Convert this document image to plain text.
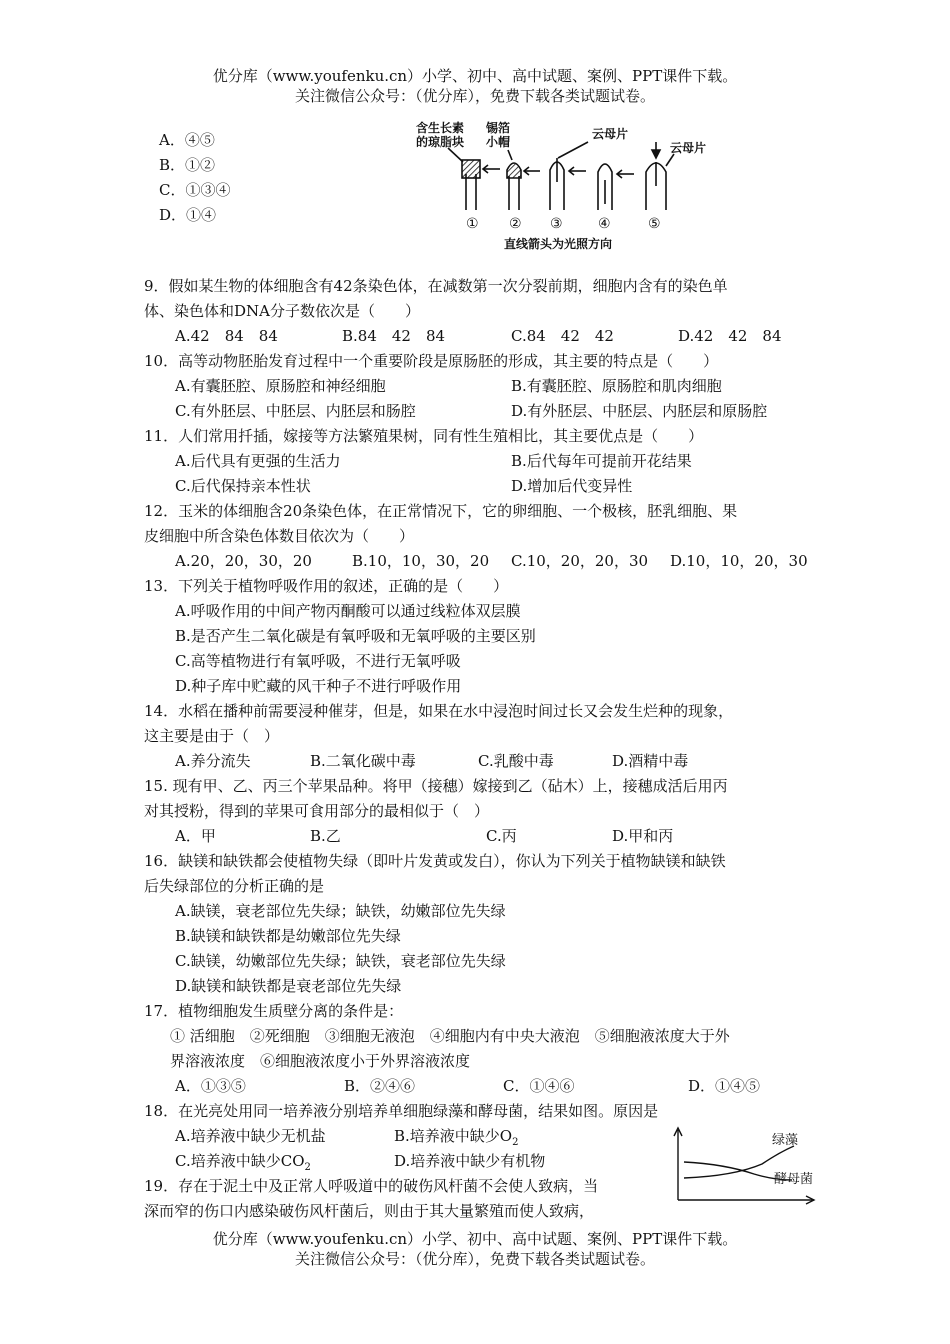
优分库（www.youfenku.cn）小学、初中、高中试题、案例、PPT课件下载。
关注微信公众号：（优分库），免费下载各类试题试卷。
A．④⑤
B．①②
C．①③④
D．①④
含生长素
的琼脂块
锡箔
小帽
云母片
云母片
① ② ③	④	⑤
直线箭头为光照方向
9．假如某生物的体细胞含有42条染色体，在减数第一次分裂前期，细胞内含有的染色单
体、染色体和DNA分子数依次是（　　）
A.42　84　84	B.84　42　84	C.84　42　42	D.42　42　84
10．高等动物胚胎发育过程中一个重要阶段是原肠胚的形成，其主要的特点是（　　）
A.有囊胚腔、原肠腔和神经细胞	B.有囊胚腔、原肠腔和肌肉细胞
C.有外胚层、中胚层、内胚层和肠腔	D.有外胚层、中胚层、内胚层和原肠腔
11．人们常用扦插，嫁接等方法繁殖果树，同有性生殖相比，其主要优点是（　　）
A.后代具有更强的生活力	B.后代每年可提前开花结果
C.后代保持亲本性状	D.增加后代变异性
12．玉米的体细胞含20条染色体，在正常情况下，它的卵细胞、一个极核，胚乳细胞、果
皮细胞中所含染色体数目依次为（　　）
A.20，20，30，20	B.10，10，30，20 C.10，20，20，30 D.10，10，20，30
13．下列关于植物呼吸作用的叙述，正确的是（　　）
A.呼吸作用的中间产物丙酮酸可以通过线粒体双层膜
B.是否产生二氧化碳是有氧呼吸和无氧呼吸的主要区别
C.高等植物进行有氧呼吸，不进行无氧呼吸
D.种子库中贮藏的风干种子不进行呼吸作用
14．水稻在播种前需要浸种催芽，但是，如果在水中浸泡时间过长又会发生烂种的现象，
这主要是由于（　）
A.养分流失	B.二氧化碳中毒	C.乳酸中毒	D.酒精中毒
15. 现有甲、乙、丙三个苹果品种。将甲（接穗）嫁接到乙（砧木）上，接穗成活后用丙
对其授粉，得到的苹果可食用部分的最相似于（　）
A．甲	B.乙	C.丙	D.甲和丙
16．缺镁和缺铁都会使植物失绿（即叶片发黄或发白），你认为下列关于植物缺镁和缺铁
后失绿部位的分析正确的是
A.缺镁，衰老部位先失绿；缺铁，幼嫩部位先失绿
B.缺镁和缺铁都是幼嫩部位先失绿
C.缺镁，幼嫩部位先失绿；缺铁，衰老部位先失绿
D.缺镁和缺铁都是衰老部位先失绿
17．植物细胞发生质壁分离的条件是：
① 活细胞　②死细胞　③细胞无液泡　④细胞内有中央大液泡　⑤细胞液浓度大于外
界溶液浓度　⑥细胞液浓度小于外界溶液浓度
A．①③⑤	B．②④⑥	C．①④⑥	D．①④⑤
18．在光亮处用同一培养液分别培养单细胞绿藻和酵母菌，结果如图。原因是
A.培养液中缺少无机盐	B.培养液中缺少$O_2$
C.培养液中缺少$CO_2$	D.培养液中缺少有机物
绿藻
酵母菌
19．存在于泥土中及正常人呼吸道中的破伤风杆菌不会使人致病，当
深而窄的伤口内感染破伤风杆菌后，则由于其大量繁殖而使人致病，
优分库（www.youfenku.cn）小学、初中、高中试题、案例、PPT课件下载。
关注微信公众号：（优分库），免费下载各类试题试卷。
